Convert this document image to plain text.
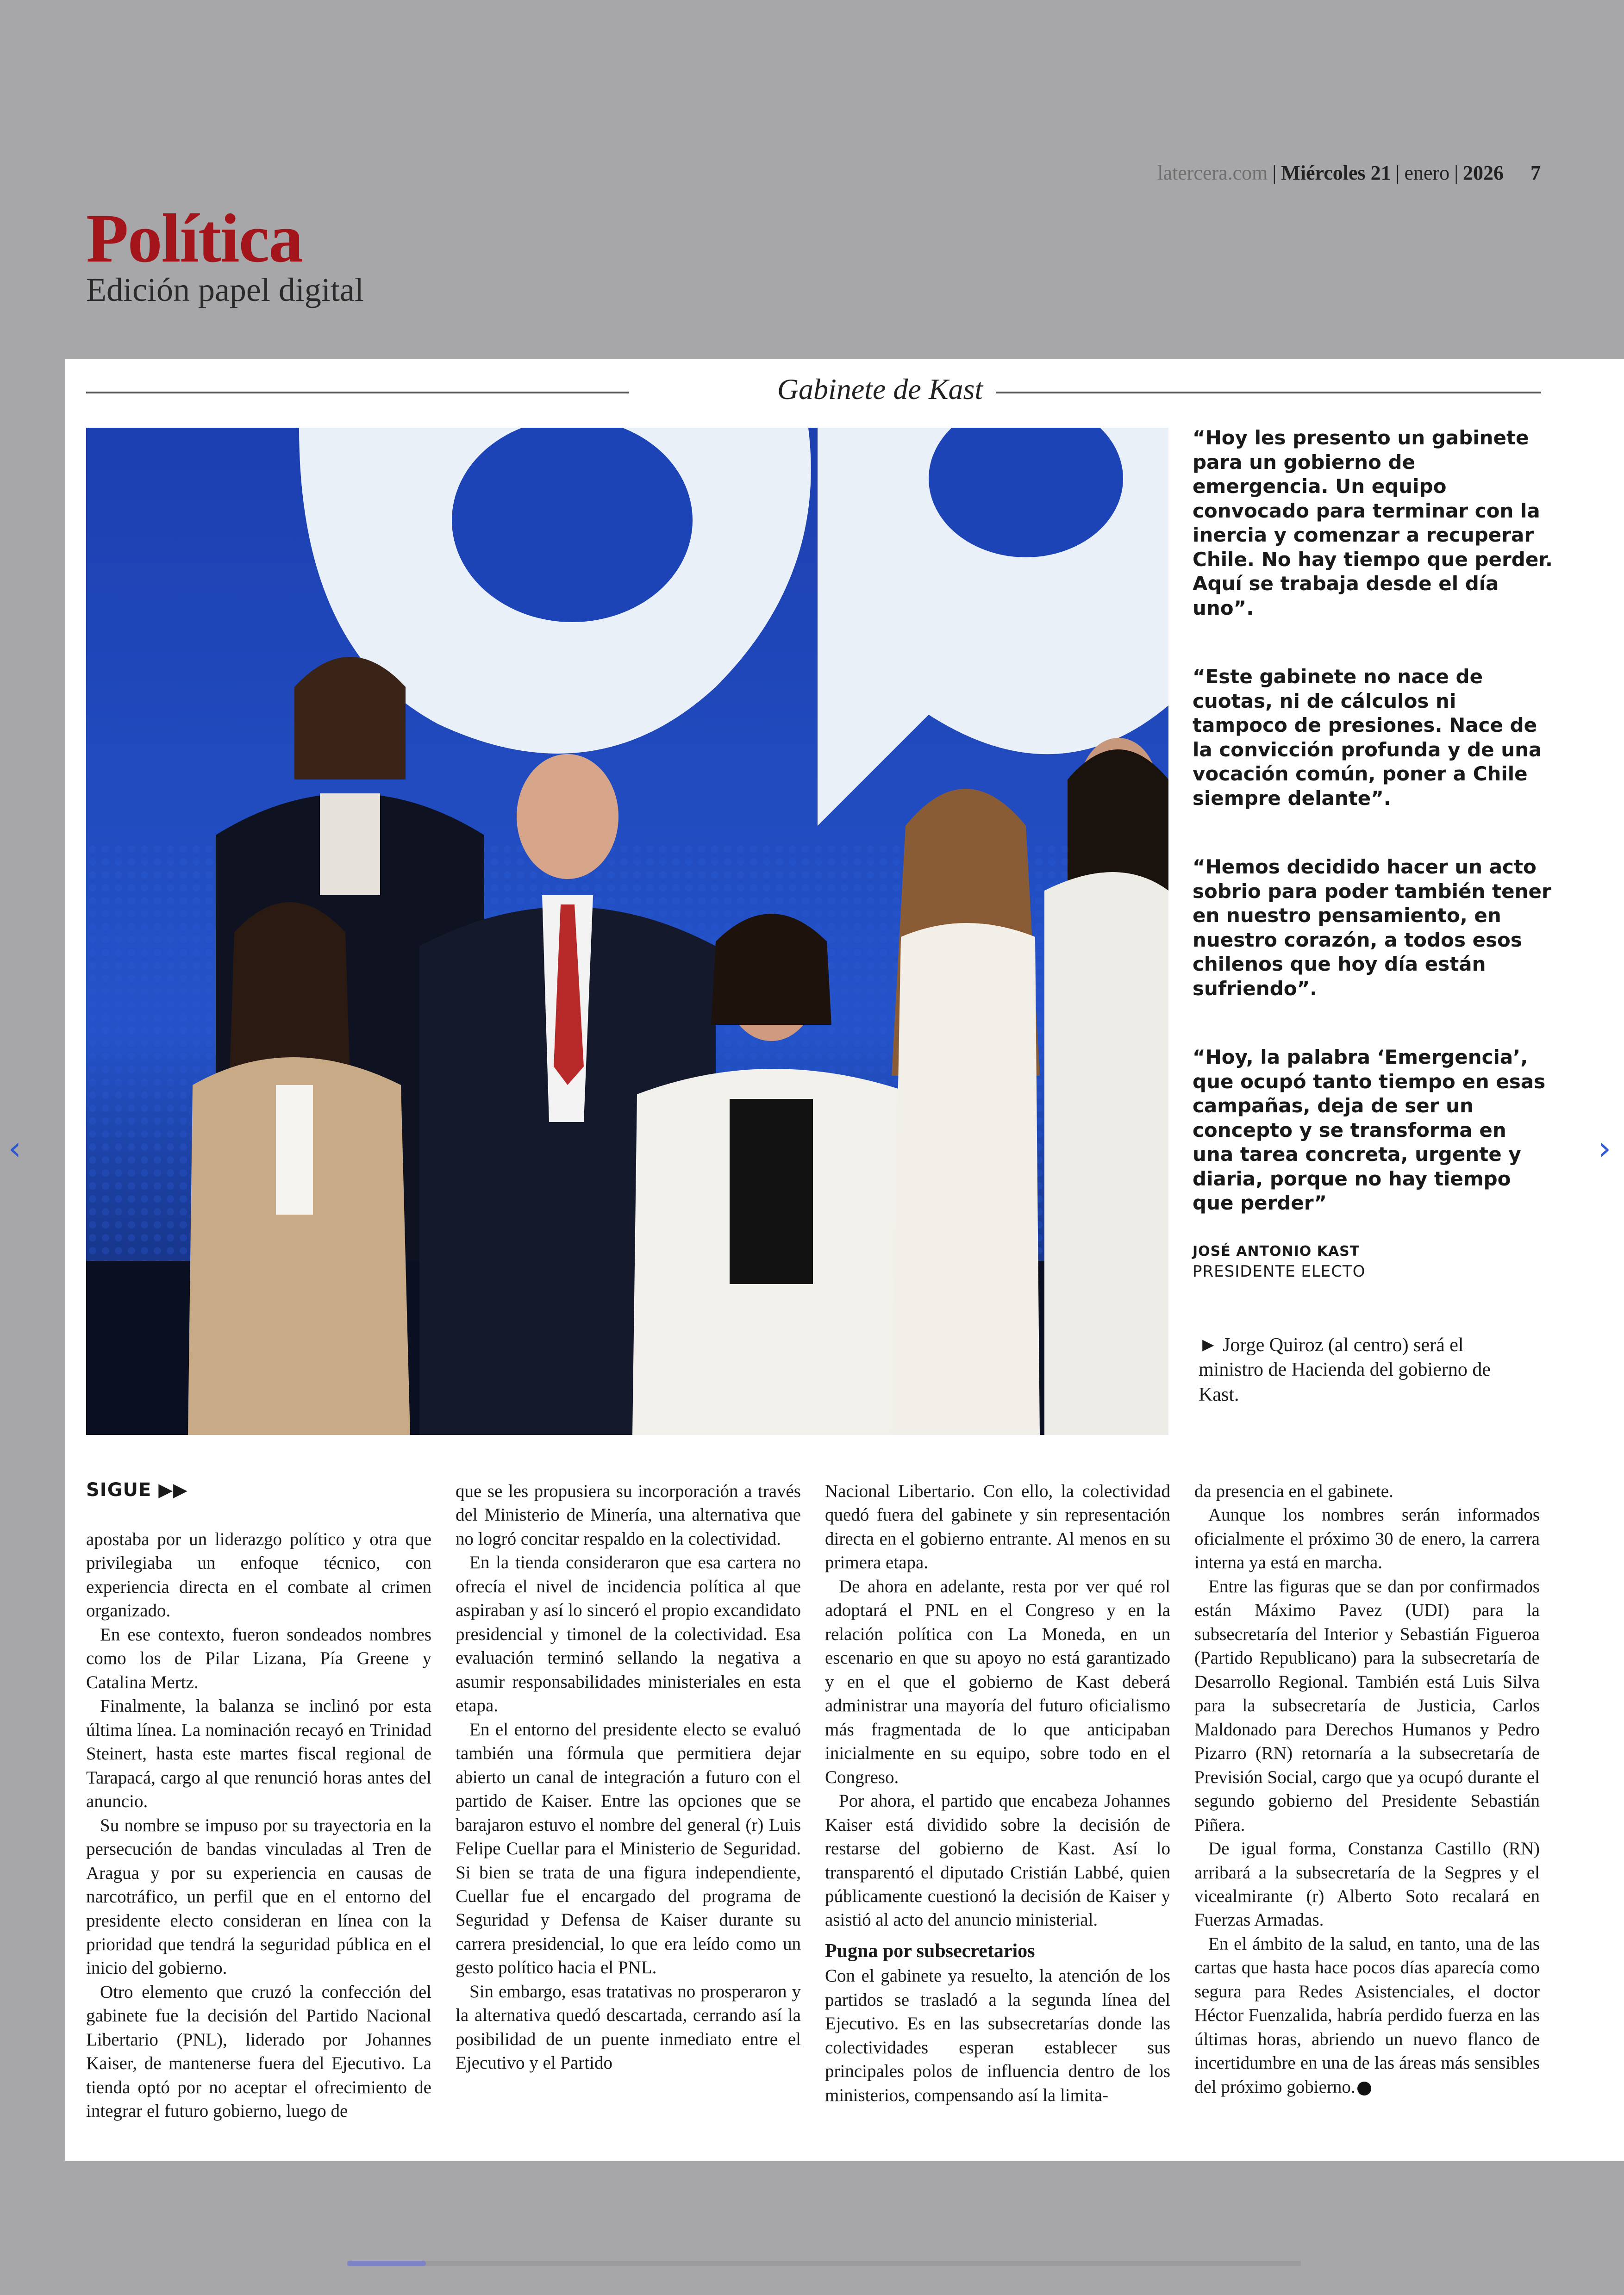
latercera.com | Miércoles 21 | enero | 2026 7
Política
Edición papel digital
Gabinete de Kast

“Hoy les presento un gabinete para un gobierno de emergencia. Un equipo convocado para terminar con la inercia y comenzar a recuperar Chile. No hay tiempo que perder. Aquí se trabaja desde el día uno”.

“Este gabinete no nace de cuotas, ni de cálculos ni tampoco de presiones. Nace de la convicción profunda y de una vocación común, poner a Chile siempre delante”.

“Hemos decidido hacer un acto sobrio para poder también tener en nuestro pensamiento, en nuestro corazón, a todos esos chilenos que hoy día están sufriendo”.

“Hoy, la palabra ‘Emergencia’, que ocupó tanto tiempo en esas campañas, deja de ser un concepto y se transforma en una tarea concreta, urgente y diaria, porque no hay tiempo que perder”

JOSÉ ANTONIO KAST
PRESIDENTE ELECTO
► Jorge Quiroz (al centro) será el ministro de Hacienda del gobierno de Kast.
SIGUE ▶▶

apostaba por un liderazgo político y otra que privilegiaba un enfoque técnico, con experiencia directa en el combate al crimen organizado.

En ese contexto, fueron sondeados nombres como los de Pilar Lizana, Pía Greene y Catalina Mertz.

Finalmente, la balanza se inclinó por esta última línea. La nominación recayó en Trinidad Steinert, hasta este martes fiscal regional de Tarapacá, cargo al que renunció horas antes del anuncio.

Su nombre se impuso por su trayectoria en la persecución de bandas vinculadas al Tren de Aragua y por su experiencia en causas de narcotráfico, un perfil que en el entorno del presidente electo consideran en línea con la prioridad que tendrá la seguridad pública en el inicio del gobierno.

Otro elemento que cruzó la confección del gabinete fue la decisión del Partido Nacional Libertario (PNL), liderado por Johannes Kaiser, de mantenerse fuera del Ejecutivo. La tienda optó por no aceptar el ofrecimiento de integrar el futuro gobierno, luego de

que se les propusiera su incorporación a través del Ministerio de Minería, una alternativa que no logró concitar respaldo en la colectividad.

En la tienda consideraron que esa cartera no ofrecía el nivel de incidencia política al que aspiraban y así lo sinceró el propio excandidato presidencial y timonel de la colectividad. Esa evaluación terminó sellando la negativa a asumir responsabilidades ministeriales en esta etapa.

En el entorno del presidente electo se evaluó también una fórmula que permitiera dejar abierto un canal de integración a futuro con el partido de Kaiser. Entre las opciones que se barajaron estuvo el nombre del general (r) Luis Felipe Cuellar para el Ministerio de Seguridad. Si bien se trata de una figura independiente, Cuellar fue el encargado del programa de Seguridad y Defensa de Kaiser durante su carrera presidencial, lo que era leído como un gesto político hacia el PNL.

Sin embargo, esas tratativas no prosperaron y la alternativa quedó descartada, cerrando así la posibilidad de un puente inmediato entre el Ejecutivo y el Partido

Nacional Libertario. Con ello, la colectividad quedó fuera del gabinete y sin representación directa en el gobierno entrante. Al menos en su primera etapa.

De ahora en adelante, resta por ver qué rol adoptará el PNL en el Congreso y en la relación política con La Moneda, en un escenario en que su apoyo no está garantizado y en el que el gobierno de Kast deberá administrar una mayoría del futuro oficialismo más fragmentada de lo que anticipaban inicialmente en su equipo, sobre todo en el Congreso.

Por ahora, el partido que encabeza Johannes Kaiser está dividido sobre la decisión de restarse del gobierno de Kast. Así lo transparentó el diputado Cristián Labbé, quien públicamente cuestionó la decisión de Kaiser y asistió al acto del anuncio ministerial.

Pugna por subsecretarios

Con el gabinete ya resuelto, la atención de los partidos se trasladó a la segunda línea del Ejecutivo. Es en las subsecretarías donde las colectividades esperan establecer sus principales polos de influencia dentro de los ministerios, compensando así la limita-

da presencia en el gabinete.

Aunque los nombres serán informados oficialmente el próximo 30 de enero, la carrera interna ya está en marcha.

Entre las figuras que se dan por confirmados están Máximo Pavez (UDI) para la subsecretaría del Interior y Sebastián Figueroa (Partido Republicano) para la subsecretaría de Desarrollo Regional. También está Luis Silva para la subsecretaría de Justicia, Carlos Maldonado para Derechos Humanos y Pedro Pizarro (RN) retornaría a la subsecretaría de Previsión Social, cargo que ya ocupó durante el segundo gobierno del Presidente Sebastián Piñera.

De igual forma, Constanza Castillo (RN) arribará a la subsecretaría de la Segpres y el vicealmirante (r) Alberto Soto recalará en Fuerzas Armadas.

En el ámbito de la salud, en tanto, una de las cartas que hasta hace pocos días aparecía como segura para Redes Asistenciales, el doctor Héctor Fuenzalida, habría perdido fuerza en las últimas horas, abriendo un nuevo flanco de incertidumbre en una de las áreas más sensibles del próximo gobierno.

‹	›
